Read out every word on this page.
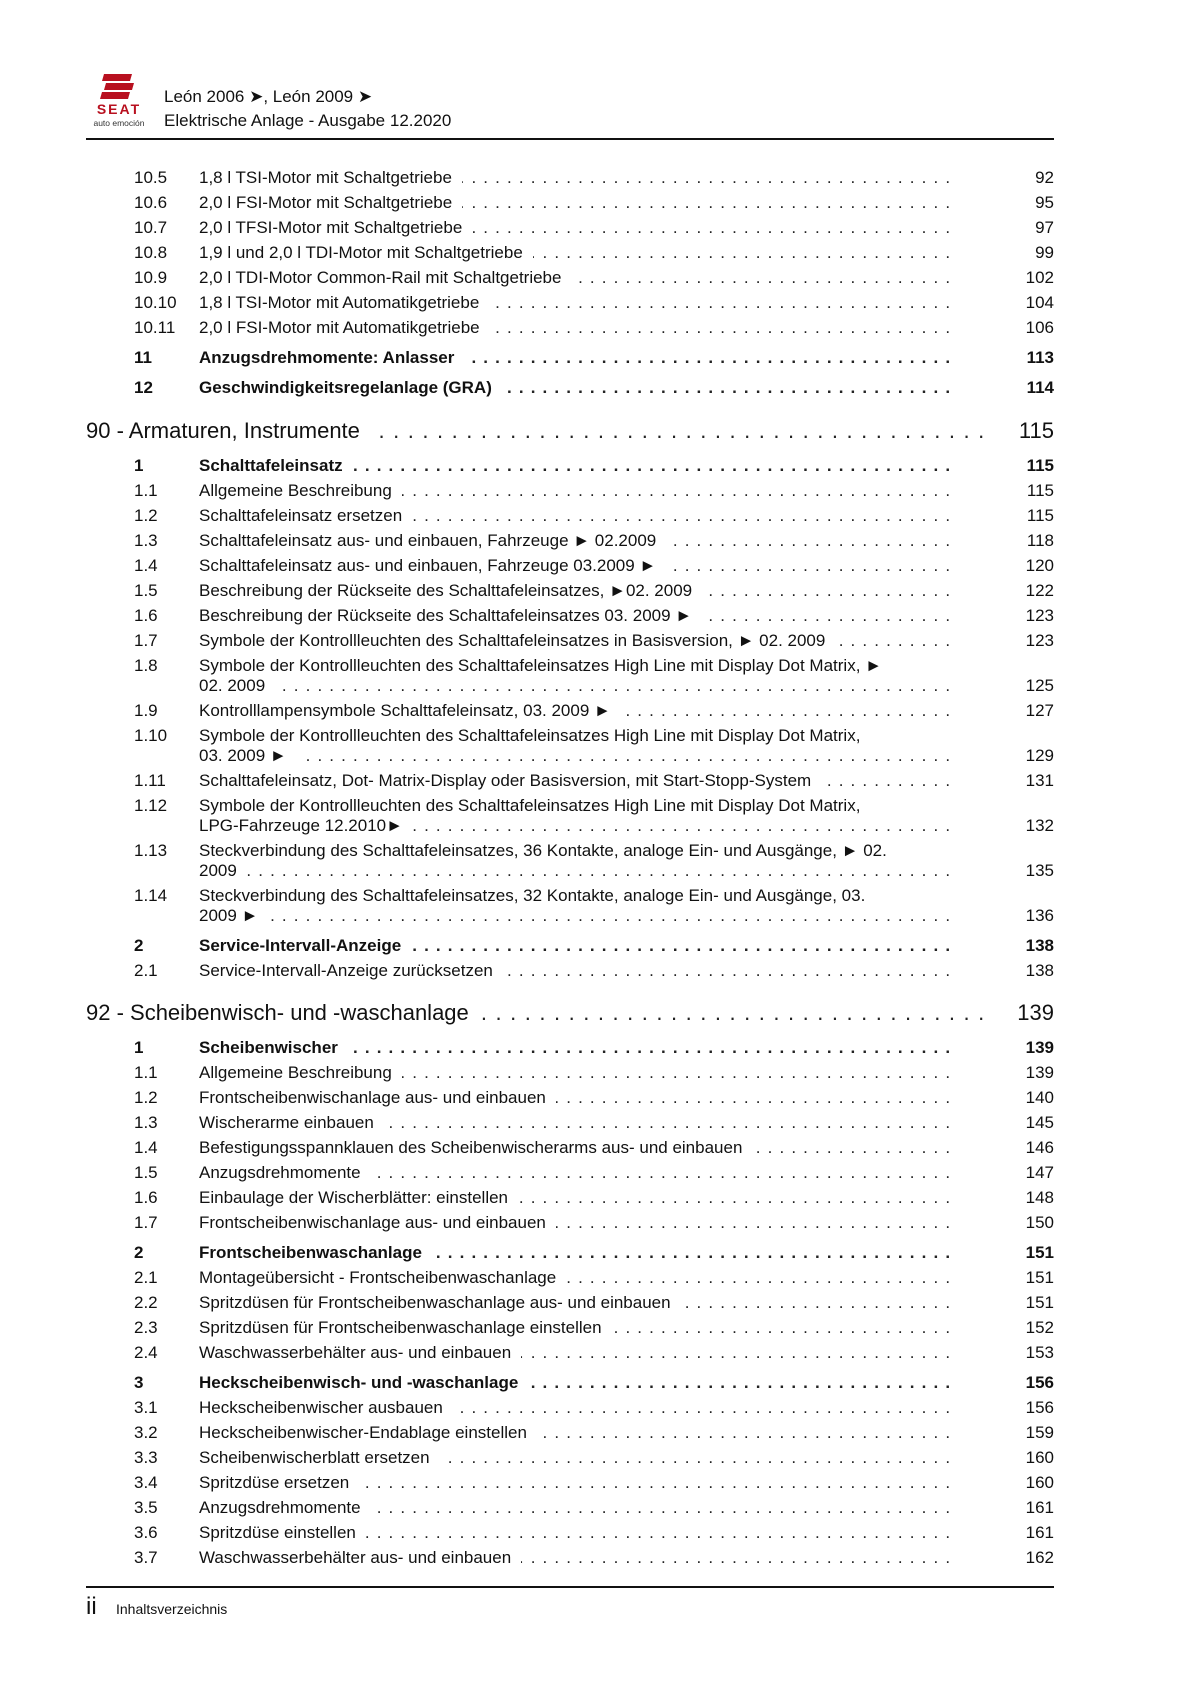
SEAT
auto emoción
León 2006 ➤, León 2009 ➤
Elektrische Anlage - Ausgabe 12.2020
10.5 1,8 l TSI-Motor mit Schaltgetriebe . . .	92
10.6 2,0 l FSI-Motor mit Schaltgetriebe . . .	95
10.7 2,0 l TFSI-Motor mit Schaltgetriebe . . .	97
10.8 1,9 l und 2,0 l TDI-Motor mit Schaltgetriebe . . .	99
10.9 2,0 l TDI-Motor Common-Rail mit Schaltgetriebe . . .	102
10.10 1,8 l TSI-Motor mit Automatikgetriebe . . .	104
10.11 2,0 l FSI-Motor mit Automatikgetriebe . . .	106
11	Anzugsdrehmomente: Anlasser . . .	113
12	Geschwindigkeitsregelanlage (GRA) . . .	114
90 - Armaturen, Instrumente . . .	115
1	Schalttafeleinsatz . . .	115
1.1 Allgemeine Beschreibung . . .	115
1.2 Schalttafeleinsatz ersetzen . . .	115
1.3 Schalttafeleinsatz aus- und einbauen, Fahrzeuge ► 02.2009 . . .	118
1.4 Schalttafeleinsatz aus- und einbauen, Fahrzeuge 03.2009 ► . . .	120
1.5 Beschreibung der Rückseite des Schalttafeleinsatzes, ►02. 2009 . . .	122
1.6 Beschreibung der Rückseite des Schalttafeleinsatzes 03. 2009 ► . . .	123
1.7 Symbole der Kontrollleuchten des Schalttafeleinsatzes in Basisversion, ► 02. 2009 . . .	123
1.8 Symbole der Kontrollleuchten des Schalttafeleinsatzes High Line mit Display Dot Matrix, ►
02. 2009 . . .	125
1.9 Kontrolllampensymbole Schalttafeleinsatz, 03. 2009 ► . . .	127
1.10 Symbole der Kontrollleuchten des Schalttafeleinsatzes High Line mit Display Dot Matrix,
03. 2009 ► . . .	129
1.11 Schalttafeleinsatz, Dot- Matrix-Display oder Basisversion, mit Start-Stopp-System . . .	131
1.12 Symbole der Kontrollleuchten des Schalttafeleinsatzes High Line mit Display Dot Matrix,
LPG-Fahrzeuge 12.2010► . . .	132
1.13 Steckverbindung des Schalttafeleinsatzes, 36 Kontakte, analoge Ein- und Ausgänge, ► 02.
2009 . . .	135
1.14 Steckverbindung des Schalttafeleinsatzes, 32 Kontakte, analoge Ein- und Ausgänge, 03.
2009 ► . . .	136
2	Service-Intervall-Anzeige . . .	138
2.1 Service-Intervall-Anzeige zurücksetzen . . .	138
92 - Scheibenwisch- und -waschanlage . . .	139
1	Scheibenwischer . . .	139
1.1 Allgemeine Beschreibung . . .	139
1.2 Frontscheibenwischanlage aus- und einbauen . . .	140
1.3 Wischerarme einbauen . . .	145
1.4 Befestigungsspannklauen des Scheibenwischerarms aus- und einbauen . . .	146
1.5 Anzugsdrehmomente . . .	147
1.6 Einbaulage der Wischerblätter: einstellen . . .	148
1.7 Frontscheibenwischanlage aus- und einbauen . . .	150
2	Frontscheibenwaschanlage . . .	151
2.1 Montageübersicht - Frontscheibenwaschanlage . . .	151
2.2 Spritzdüsen für Frontscheibenwaschanlage aus- und einbauen . . .	151
2.3 Spritzdüsen für Frontscheibenwaschanlage einstellen . . .	152
2.4 Waschwasserbehälter aus- und einbauen . . .	153
3	Heckscheibenwisch- und -waschanlage . . .	156
3.1 Heckscheibenwischer ausbauen . . .	156
3.2 Heckscheibenwischer-Endablage einstellen . . .	159
3.3 Scheibenwischerblatt ersetzen . . .	160
3.4 Spritzdüse ersetzen . . .	160
3.5 Anzugsdrehmomente . . .	161
3.6 Spritzdüse einstellen . . .	161
3.7 Waschwasserbehälter aus- und einbauen . . .	162
ii Inhaltsverzeichnis
